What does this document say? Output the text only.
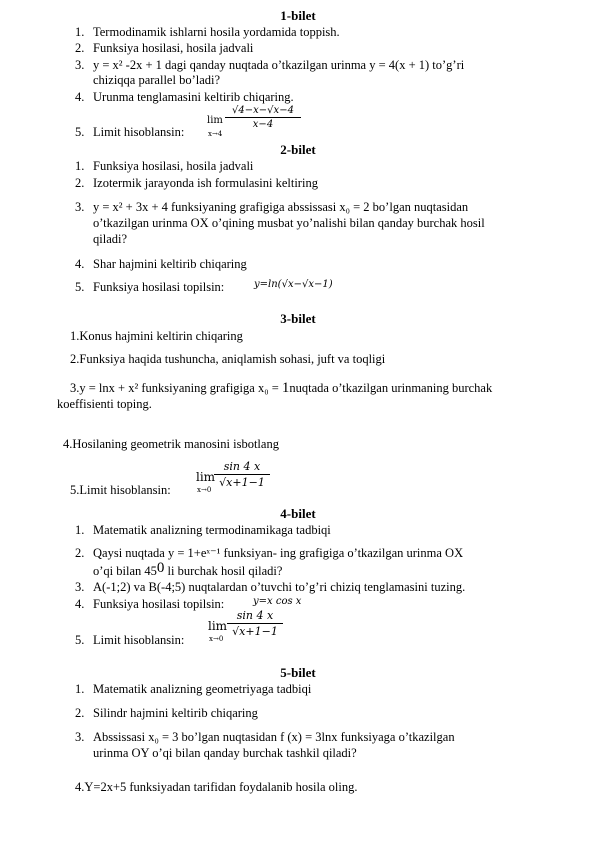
1-bilet
1. Termodinamik ishlarni hosila yordamida toppish.
2. Funksiya hosilasi, hosila jadvali
3. y = x² -2x + 1 dagi qanday nuqtada o’tkazilgan urinma y = 4(x + 1) to’g’ri
chiziqqa parallel bo’ladi?
4. Urunma tenglamasini keltirib chiqaring.
5. Limit hisoblansin:
lim
x→4
√4−x−√x−4
x−4
2-bilet
1. Funksiya hosilasi, hosila jadvali
2. Izotermik jarayonda ish formulasini keltiring
3. y = x² + 3x + 4 funksiyaning grafigiga abssissasi x₀ = 2 bo’lgan nuqtasidan
o’tkazilgan urinma OX o’qining musbat yo’nalishi bilan qanday burchak hosil
qiladi?
4. Shar hajmini keltirib chiqaring
5. Funksiya hosilasi topilsin:	y=ln(√x−√x−1)
3-bilet
1.Konus hajmini keltirin chiqaring
2.Funksiya haqida tushuncha, aniqlamish sohasi, juft va toqligi
3.y = lnx + x² funksiyaning grafigiga x₀ = 1nuqtada o’tkazilgan urinmaning burchak
koeffisienti toping.
4.Hosilaning geometrik manosini isbotlang
5.Limit hisoblansin:
lim
x→0
sin 4 x
√x+1−1
4-bilet
1. Matematik analizning termodinamikaga tadbiqi
2. Qaysi nuqtada y = 1+eˣ⁻¹ funksiyan- ing grafigiga o’tkazilgan urinma OX
o’qi bilan 450 li burchak hosil qiladi?
3. A(-1;2) va B(-4;5) nuqtalardan o’tuvchi to’g’ri chiziq tenglamasini tuzing.
4. Funksiya hosilasi topilsin:	y=x cos x
5. Limit hisoblansin:
lim
x→0
sin 4 x
√x+1−1
5-bilet
1. Matematik analizning geometriyaga tadbiqi
2. Silindr hajmini keltirib chiqaring
3. Abssissasi x₀ = 3 bo’lgan nuqtasidan f (x) = 3lnx funksiyaga o’tkazilgan
urinma OY o’qi bilan qanday burchak tashkil qiladi?
4.Y=2x+5 funksiyadan tarifidan foydalanib hosila oling.
